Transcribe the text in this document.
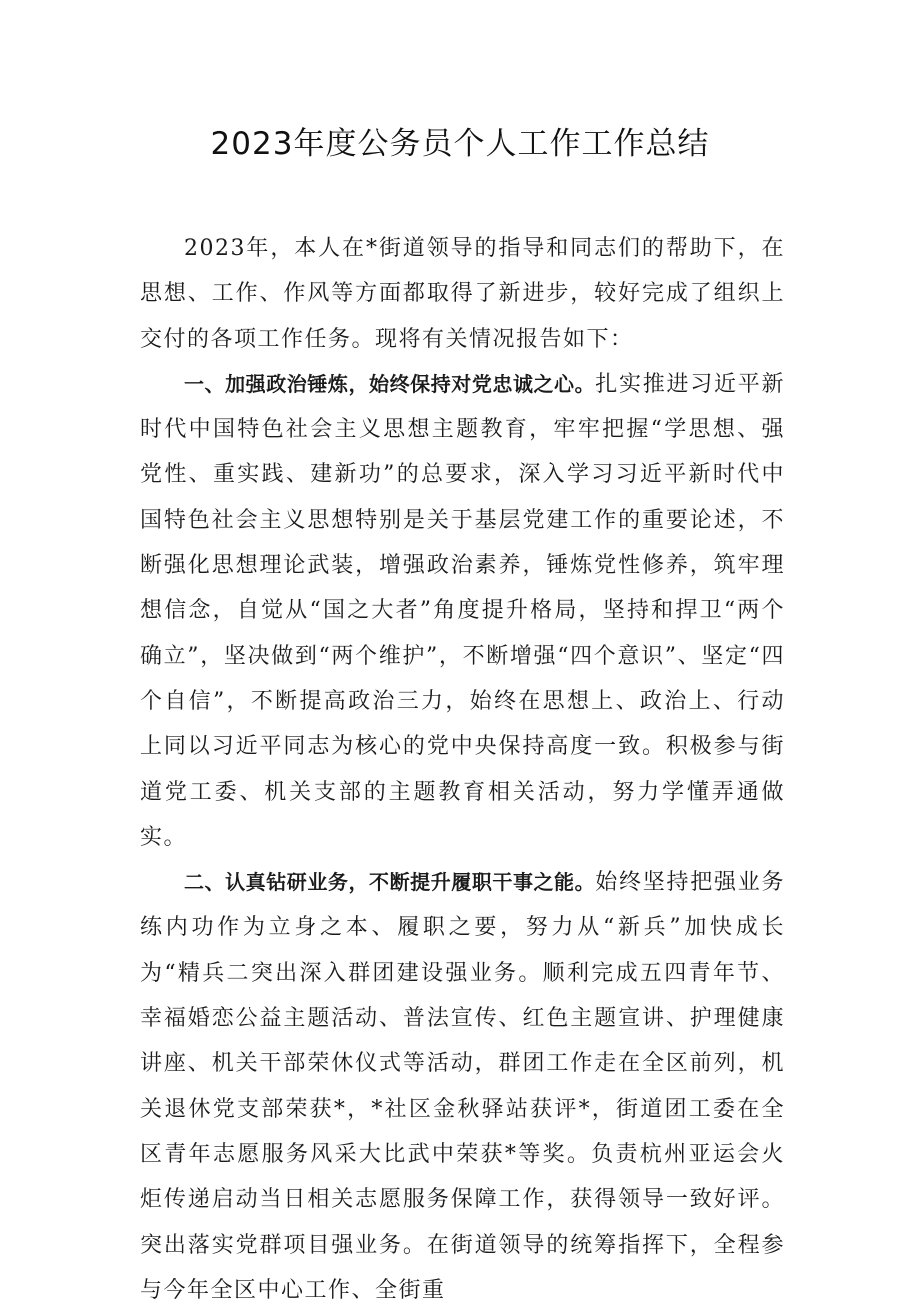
2023年度公务员个人工作工作总结

2023年，本人在*街道领导的指导和同志们的帮助下，在思想、工作、作风等方面都取得了新进步，较好完成了组织上交付的各项工作任务。现将有关情况报告如下：

一、加强政治锤炼，始终保持对党忠诚之心。扎实推进习近平新时代中国特色社会主义思想主题教育，牢牢把握“学思想、强党性、重实践、建新功”的总要求，深入学习习近平新时代中国特色社会主义思想特别是关于基层党建工作的重要论述，不断强化思想理论武装，增强政治素养，锤炼党性修养，筑牢理想信念，自觉从“国之大者”角度提升格局，坚持和捍卫“两个确立”，坚决做到“两个维护”，不断增强“四个意识”、坚定“四个自信”，不断提高政治三力，始终在思想上、政治上、行动上同以习近平同志为核心的党中央保持高度一致。积极参与街道党工委、机关支部的主题教育相关活动，努力学懂弄通做实。

二、认真钻研业务，不断提升履职干事之能。始终坚持把强业务练内功作为立身之本、履职之要，努力从“新兵”加快成长为“精兵二突出深入群团建设强业务。顺利完成五四青年节、幸福婚恋公益主题活动、普法宣传、红色主题宣讲、护理健康讲座、机关干部荣休仪式等活动，群团工作走在全区前列，机关退休党支部荣获*，*社区金秋驿站获评*，街道团工委在全区青年志愿服务风采大比武中荣获*等奖。负责杭州亚运会火炬传递启动当日相关志愿服务保障工作，获得领导一致好评。突出落实党群项目强业务。在街道领导的统筹指挥下，全程参与今年全区中心工作、全街重
